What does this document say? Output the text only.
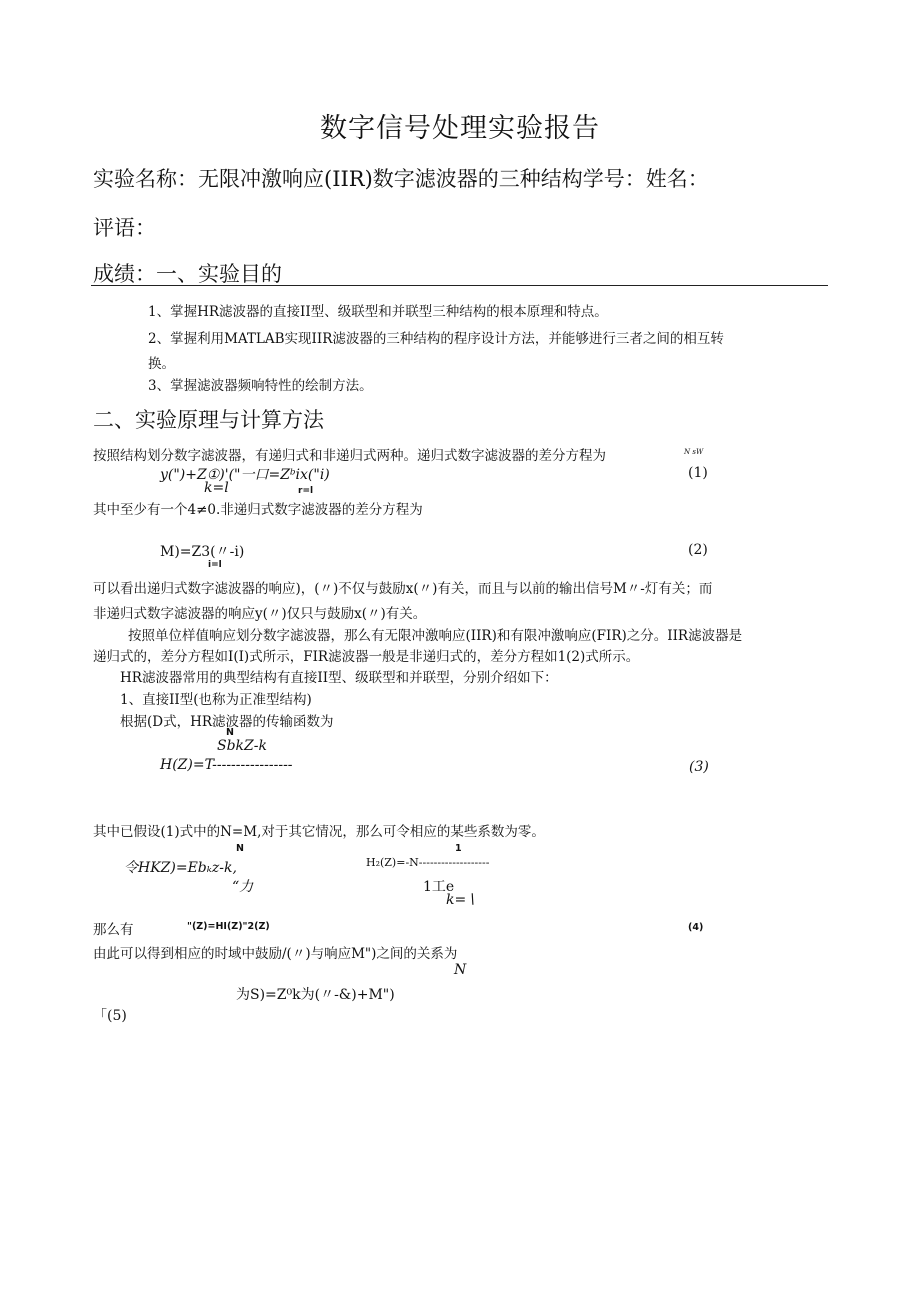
数字信号处理实验报告
实验名称：无限冲激响应(IIR)数字滤波器的三种结构学号：姓名：
评语：
成绩：一、实验目的
1、掌握HR滤波器的直接II型、级联型和并联型三种结构的根本原理和特点。
2、掌握利用MATLAB实现IIR滤波器的三种结构的程序设计方法，并能够进行三者之间的相互转
换。
3、掌握滤波器频响特性的绘制方法。
二、实验原理与计算方法
按照结构划分数字滤波器，有递归式和非递归式两种。递归式数字滤波器的差分方程为	N sW
y(")+Z①)'("一口=Zᵇix("i)
k=l	r=l
(1)
其中至少有一个4≠0.非递归式数字滤波器的差分方程为
M)=Z3(〃-i)
i=l
(2)
可以看出递归式数字滤波器的响应)，(〃)不仅与鼓励x(〃)有关，而且与以前的输出信号M〃-灯有关；而
非递归式数字滤波器的响应y(〃)仅只与鼓励x(〃)有关。
按照单位样值响应划分数字滤波器，那么有无限冲激响应(IIR)和有限冲激响应(FIR)之分。IIR滤波器是
递归式的，差分方程如I(I)式所示，FIR滤波器一般是非递归式的，差分方程如1(2)式所示。
HR滤波器常用的典型结构有直接II型、级联型和并联型，分别介绍如下：
1、直接II型(也称为正准型结构)
根据(D式，HR滤波器的传输函数为
N
SbkZ-k
H(Z)=T-----------------	(3)
其中已假设(1)式中的N=M,对于其它情况，那么可令相应的某些系数为零。
N	1
令HKZ)=Ebₖz-k,
“力
H₂(Z)=-N-------------------
1工e
k=∖
那么有	"(Z)=HI(Z)"2(Z)	(4)
由此可以得到相应的时域中鼓励/(〃)与响应M")之间的关系为
N
为S)=Z⁰k为(〃-&)+M")
「(5)
